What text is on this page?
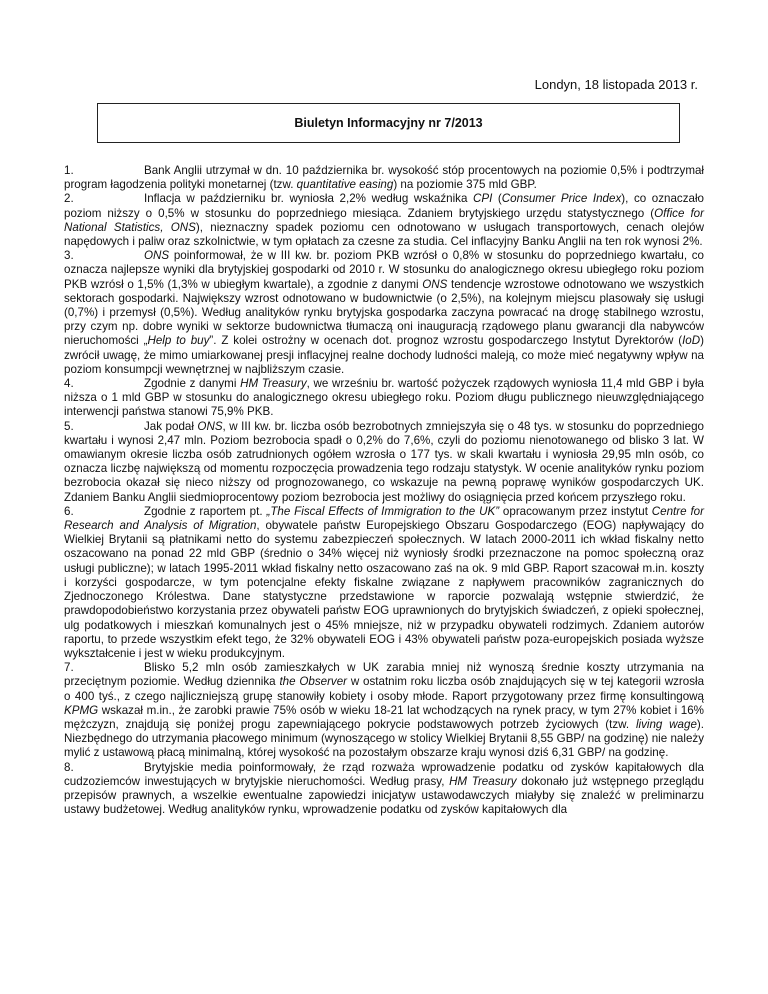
Londyn, 18 listopada 2013 r.
Biuletyn Informacyjny nr 7/2013

1.	Bank Anglii utrzymał w dn. 10 października br. wysokość stóp procentowych na poziomie 0,5% i podtrzymał program łagodzenia polityki monetarnej (tzw. quantitative easing) na poziomie 375 mld GBP.

2.	Inflacja w październiku br. wyniosła 2,2% według wskaźnika CPI (Consumer Price Index), co oznaczało poziom niższy o 0,5% w stosunku do poprzedniego miesiąca. Zdaniem brytyjskiego urzędu statystycznego (Office for National Statistics, ONS), nieznaczny spadek poziomu cen odnotowano w usługach transportowych, cenach olejów napędowych i paliw oraz szkolnictwie, w tym opłatach za czesne za studia. Cel inflacyjny Banku Anglii na ten rok wynosi 2%.

3.	ONS poinformował, że w III kw. br. poziom PKB wzrósł o 0,8% w stosunku do poprzedniego kwartału, co oznacza najlepsze wyniki dla brytyjskiej gospodarki od 2010 r. W stosunku do analogicznego okresu ubiegłego roku poziom PKB wzrósł o 1,5% (1,3% w ubiegłym kwartale), a zgodnie z danymi ONS tendencje wzrostowe odnotowano we wszystkich sektorach gospodarki. Największy wzrost odnotowano w budownictwie (o 2,5%), na kolejnym miejscu plasowały się usługi (0,7%) i przemysł (0,5%). Według analityków rynku brytyjska gospodarka zaczyna powracać na drogę stabilnego wzrostu, przy czym np. dobre wyniki w sektorze budownictwa tłumaczą oni inauguracją rządowego planu gwarancji dla nabywców nieruchomości „Help to buy”. Z kolei ostrożny w ocenach dot. prognoz wzrostu gospodarczego Instytut Dyrektorów (IoD) zwrócił uwagę, że mimo umiarkowanej presji inflacyjnej realne dochody ludności maleją, co może mieć negatywny wpływ na poziom konsumpcji wewnętrznej w najbliższym czasie.

4.	Zgodnie z danymi HM Treasury, we wrześniu br. wartość pożyczek rządowych wyniosła 11,4 mld GBP i była niższa o 1 mld GBP w stosunku do analogicznego okresu ubiegłego roku. Poziom długu publicznego nieuwzględniającego interwencji państwa stanowi 75,9% PKB.

5.	Jak podał ONS, w III kw. br. liczba osób bezrobotnych zmniejszyła się o 48 tys. w stosunku do poprzedniego kwartału i wynosi 2,47 mln. Poziom bezrobocia spadł o 0,2% do 7,6%, czyli do poziomu nienotowanego od blisko 3 lat. W omawianym okresie liczba osób zatrudnionych ogółem wzrosła o 177 tys. w skali kwartału i wyniosła 29,95 mln osób, co oznacza liczbę największą od momentu rozpoczęcia prowadzenia tego rodzaju statystyk. W ocenie analityków rynku poziom bezrobocia okazał się nieco niższy od prognozowanego, co wskazuje na pewną poprawę wyników gospodarczych UK. Zdaniem Banku Anglii siedmioprocentowy poziom bezrobocia jest możliwy do osiągnięcia przed końcem przyszłego roku.

6.	Zgodnie z raportem pt. „The Fiscal Effects of Immigration to the UK” opracowanym przez instytut Centre for Research and Analysis of Migration, obywatele państw Europejskiego Obszaru Gospodarczego (EOG) napływający do Wielkiej Brytanii są płatnikami netto do systemu zabezpieczeń społecznych. W latach 2000-2011 ich wkład fiskalny netto oszacowano na ponad 22 mld GBP (średnio o 34% więcej niż wyniosły środki przeznaczone na pomoc społeczną oraz usługi publiczne); w latach 1995-2011 wkład fiskalny netto oszacowano zaś na ok. 9 mld GBP. Raport szacował m.in. koszty i korzyści gospodarcze, w tym potencjalne efekty fiskalne związane z napływem pracowników zagranicznych do Zjednoczonego Królestwa. Dane statystyczne przedstawione w raporcie pozwalają wstępnie stwierdzić, że prawdopodobieństwo korzystania przez obywateli państw EOG uprawnionych do brytyjskich świadczeń, z opieki społecznej, ulg podatkowych i mieszkań komunalnych jest o 45% mniejsze, niż w przypadku obywateli rodzimych. Zdaniem autorów raportu, to przede wszystkim efekt tego, że 32% obywateli EOG i 43% obywateli państw poza-europejskich posiada wyższe wykształcenie i jest w wieku produkcyjnym.

7.	Blisko 5,2 mln osób zamieszkałych w UK zarabia mniej niż wynoszą średnie koszty utrzymania na przeciętnym poziomie. Według dziennika the Observer w ostatnim roku liczba osób znajdujących się w tej kategorii wzrosła o 400 tyś., z czego najliczniejszą grupę stanowiły kobiety i osoby młode. Raport przygotowany przez firmę konsultingową KPMG wskazał m.in., że zarobki prawie 75% osób w wieku 18-21 lat wchodzących na rynek pracy, w tym 27% kobiet i 16% mężczyzn, znajdują się poniżej progu zapewniającego pokrycie podstawowych potrzeb życiowych (tzw. living wage). Niezbędnego do utrzymania płacowego minimum (wynoszącego w stolicy Wielkiej Brytanii 8,55 GBP/ na godzinę) nie należy mylić z ustawową płacą minimalną, której wysokość na pozostałym obszarze kraju wynosi dziś 6,31 GBP/ na godzinę.

8.	Brytyjskie media poinformowały, że rząd rozważa wprowadzenie podatku od zysków kapitałowych dla cudzoziemców inwestujących w brytyjskie nieruchomości. Według prasy, HM Treasury dokonało już wstępnego przeglądu przepisów prawnych, a wszelkie ewentualne zapowiedzi inicjatyw ustawodawczych miałyby się znaleźć w preliminarzu ustawy budżetowej. Według analityków rynku, wprowadzenie podatku od zysków kapitałowych dla
